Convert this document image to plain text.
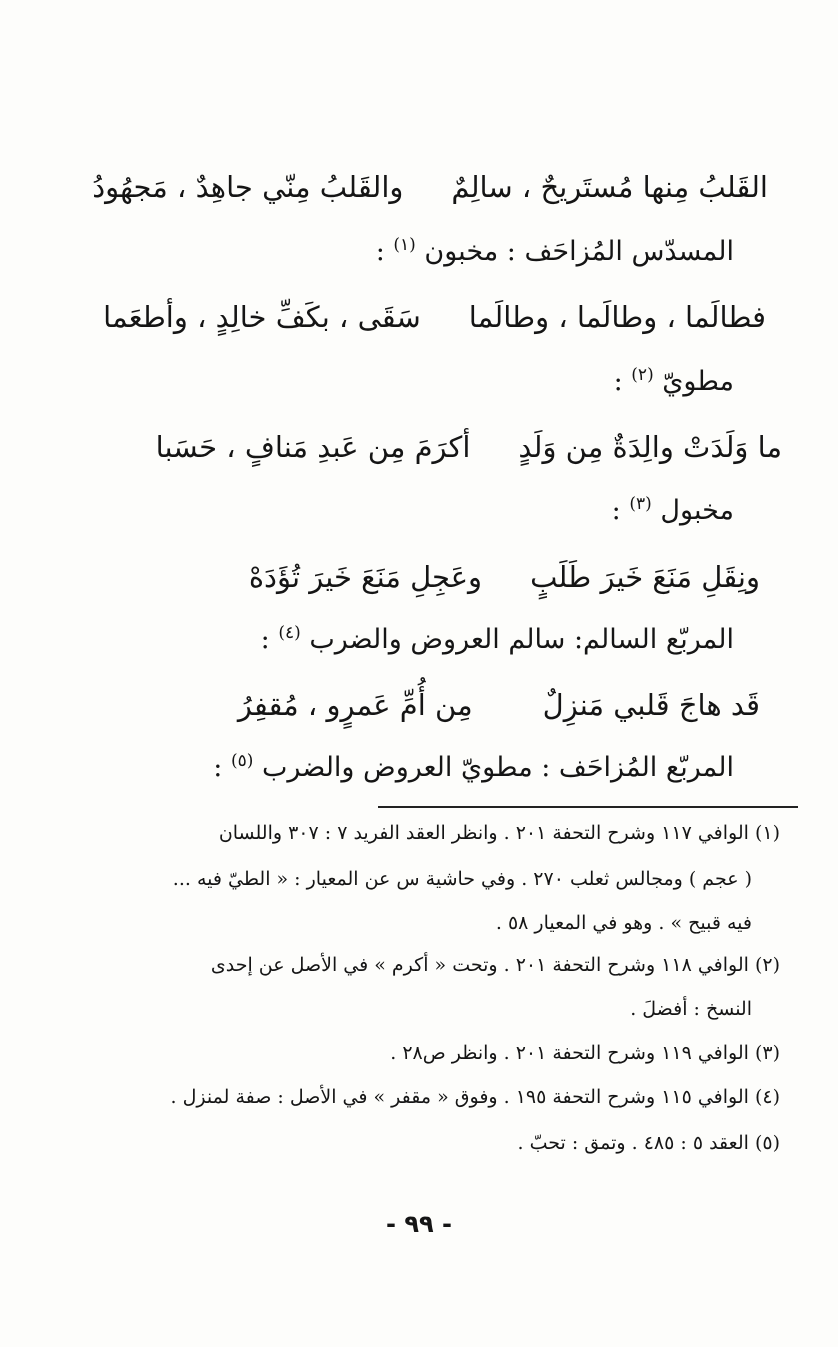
القَلبُ مِنها مُستَريحٌ ، سالِمٌوالقَلبُ مِنّي جاهِدٌ ، مَجهُودُ
المسدّس المُزاحَف : مخبون $^{(١)}$ :
فطالَما ، وطالَما ، وطالَماسَقَى ، بكَفِّ خالِدٍ ، وأطعَما
مطويّ $^{(٢)}$ :
ما وَلَدَتْ والِدَةٌ مِن وَلَدٍأكرَمَ مِن عَبدِ مَنافٍ ، حَسَبا
مخبول $^{(٣)}$ :
ونِقَلِ مَنَعَ خَيرَ طَلَبٍوعَجِلِ مَنَعَ خَيرَ تُؤَدَهْ
المربّع السالم: سالم العروض والضرب $^{(٤)}$ :
قَد هاجَ قَلبي مَنزِلٌمِن أُمِّ عَمرٍو ، مُقفِرُ
المربّع المُزاحَف : مطويّ العروض والضرب $^{(٥)}$ :
(١) الوافي ١١٧ وشرح التحفة ٢٠١ . وانظر العقد الفريد ٧ : ٣٠٧ واللسان
( عجم ) ومجالس ثعلب ٢٧٠ . وفي حاشية س عن المعيار : « الطيّ فيه ...
فيه قبيح » . وهو في المعيار ٥٨ .
(٢) الوافي ١١٨ وشرح التحفة ٢٠١ . وتحت « أكرم » في الأصل عن إحدى
النسخ : أفضلَ .
(٣) الوافي ١١٩ وشرح التحفة ٢٠١ . وانظر ص٢٨ .
(٤) الوافي ١١٥ وشرح التحفة ١٩٥ . وفوق « مقفر » في الأصل : صفة لمنزل .
(٥) العقد ٥ : ٤٨٥ . وتمق : تحبّ .
- ٩٩ -
